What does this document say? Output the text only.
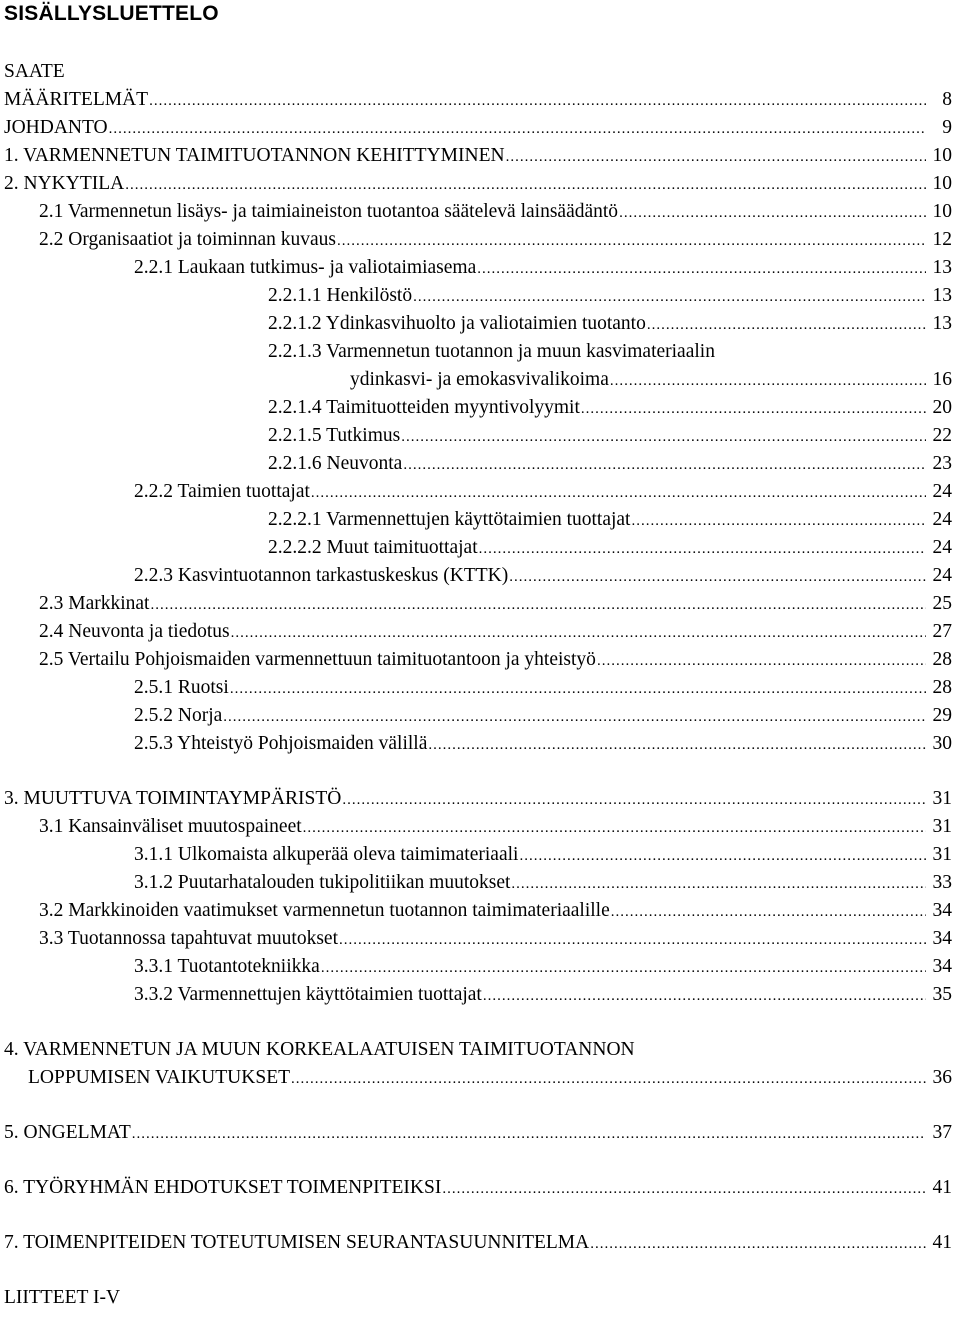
SISÄLLYSLUETTELO
SAATE
MÄÄRITELMÄT .....	8
JOHDANTO .....	9
1. VARMENNETUN TAIMITUOTANNON KEHITTYMINEN .....	10
2. NYKYTILA .....	10
2.1 Varmennetun lisäys- ja taimiaineiston tuotantoa säätelevä lainsäädäntö .....	10
2.2 Organisaatiot ja toiminnan kuvaus .....	12
2.2.1 Laukaan tutkimus- ja valiotaimiasema .....	13
2.2.1.1 Henkilöstö .....	13
2.2.1.2 Ydinkasvihuolto ja valiotaimien tuotanto .....	13
2.2.1.3 Varmennetun tuotannon ja muun kasvimateriaalin
ydinkasvi- ja emokasvivalikoima .....	16
2.2.1.4 Taimituotteiden myyntivolyymit .....	20
2.2.1.5 Tutkimus .....	22
2.2.1.6 Neuvonta .....	23
2.2.2 Taimien tuottajat .....	24
2.2.2.1 Varmennettujen käyttötaimien tuottajat .....	24
2.2.2.2 Muut taimituottajat .....	24
2.2.3 Kasvintuotannon tarkastuskeskus (KTTK) .....	24
2.3 Markkinat .....	25
2.4 Neuvonta ja tiedotus .....	27
2.5 Vertailu Pohjoismaiden varmennettuun taimituotantoon ja yhteistyö .....	28
2.5.1 Ruotsi .....	28
2.5.2 Norja .....	29
2.5.3 Yhteistyö Pohjoismaiden välillä .....	30
3. MUUTTUVA TOIMINTAYMPÄRISTÖ .....	31
3.1 Kansainväliset muutospaineet .....	31
3.1.1 Ulkomaista alkuperää oleva taimimateriaali .....	31
3.1.2 Puutarhatalouden tukipolitiikan muutokset .....	33
3.2 Markkinoiden vaatimukset varmennetun tuotannon taimimateriaalille .....	34
3.3 Tuotannossa tapahtuvat muutokset .....	34
3.3.1 Tuotantotekniikka .....	34
3.3.2 Varmennettujen käyttötaimien tuottajat .....	35
4. VARMENNETUN JA MUUN KORKEALAATUISEN TAIMITUOTANNON
LOPPUMISEN VAIKUTUKSET .....	36
5. ONGELMAT .....	37
6. TYÖRYHMÄN EHDOTUKSET TOIMENPITEIKSI .....	41
7. TOIMENPITEIDEN TOTEUTUMISEN SEURANTASUUNNITELMA .....	41
LIITTEET I-V
